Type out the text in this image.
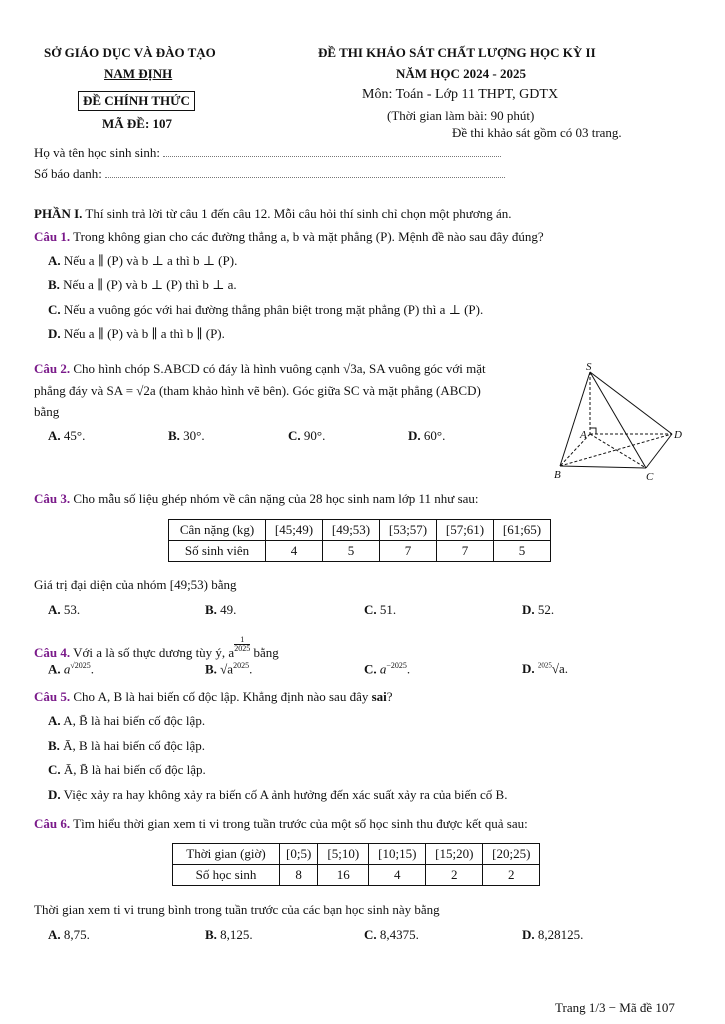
SỞ GIÁO DỤC VÀ ĐÀO TẠO
NAM ĐỊNH
ĐỀ CHÍNH THỨC
MÃ ĐỀ: 107
ĐỀ THI KHẢO SÁT CHẤT LƯỢNG HỌC KỲ II
NĂM HỌC 2024 - 2025
Môn: Toán - Lớp 11 THPT, GDTX
(Thời gian làm bài: 90 phút)
Đề thi khảo sát gồm có 03 trang.
Họ và tên học sinh sinh:
Số báo danh:
PHẦN I. Thí sinh trả lời từ câu 1 đến câu 12. Mỗi câu hỏi thí sinh chỉ chọn một phương án.
Câu 1. Trong không gian cho các đường thẳng a, b và mặt phẳng (P). Mệnh đề nào sau đây đúng?
A. Nếu a ∥ (P) và b ⊥ a thì b ⊥ (P).
B. Nếu a ∥ (P) và b ⊥ (P) thì b ⊥ a.
C. Nếu a vuông góc với hai đường thẳng phân biệt trong mặt phẳng (P) thì a ⊥ (P).
D. Nếu a ∥ (P) và b ∥ a thì b ∥ (P).
Câu 2. Cho hình chóp S.ABCD có đáy là hình vuông cạnh √3a, SA vuông góc với mặt
phẳng đáy và SA = √2a (tham khảo hình vẽ bên). Góc giữa SC và mặt phẳng (ABCD)
bằng
A. 45°.	B. 30°.	C. 90°.	D. 60°.
S
A
B	C
D
Câu 3. Cho mẫu số liệu ghép nhóm về cân nặng của 28 học sinh nam lớp 11 như sau:
Cân nặng (kg)	[45;49)	[49;53)	[53;57)	[57;61)	[61;65)
Số sinh viên	4	5	7	7	5
Giá trị đại diện của nhóm [49;53) bằng
A. 53.	B. 49.	C. 51.	D. 52.
Câu 4. Với a là số thực dương tùy ý, a $\frac{1}{2025}$ bằng
A. $a^{√2025}$.	B. $√a^{2025}$.	C. $a^{-2025}$.	D. $^{2025}$√a.
Câu 5. Cho A, B là hai biến cố độc lập. Khẳng định nào sau đây sai?
A. A, B̄ là hai biến cố độc lập.
B. Ā, B là hai biến cố độc lập.
C. Ā, B̄ là hai biến cố độc lập.
D. Việc xảy ra hay không xảy ra biến cố A ảnh hưởng đến xác suất xảy ra của biến cố B.
Câu 6. Tìm hiểu thời gian xem ti vi trong tuần trước của một số học sinh thu được kết quả sau:
Thời gian (giờ)	[0;5)	[5;10)	[10;15)	[15;20)	[20;25)
Số học sinh	8	16	4	2	2
Thời gian xem ti vi trung bình trong tuần trước của các bạn học sinh này bằng
A. 8,75.	B. 8,125.	C. 8,4375.	D. 8,28125.
Trang 1/3 − Mã đề 107
